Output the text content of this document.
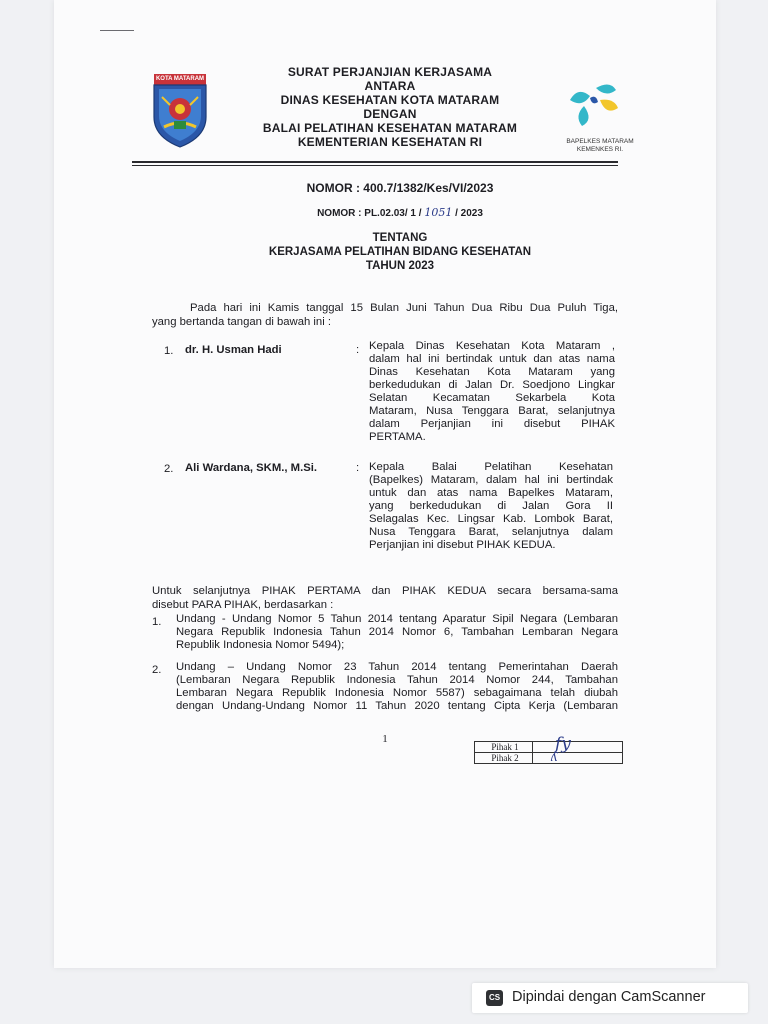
KOTA MATARAM	SURAT PERJANJIAN KERJASAMA
ANTARA
DINAS KESEHATAN KOTA MATARAM
DENGAN
BALAI PELATIHAN KESEHATAN MATARAM
KEMENTERIAN KESEHATAN RI	BAPELKES MATARAM
KEMENKES RI.
NOMOR : 400.7/1382/Kes/VI/2023
NOMOR : PL.02.03/ 1 / 1051 / 2023
TENTANG
KERJASAMA PELATIHAN BIDANG KESEHATAN
TAHUN 2023
Pada hari ini Kamis tanggal 15 Bulan Juni Tahun Dua Ribu Dua Puluh Tiga,
yang bertanda tangan di bawah ini :
1. dr. H. Usman Hadi	: Kepala Dinas Kesehatan Kota Mataram ,
dalam hal ini bertindak untuk dan atas nama
Dinas Kesehatan Kota Mataram yang
berkedudukan di Jalan Dr. Soedjono Lingkar
Selatan Kecamatan Sekarbela Kota
Mataram, Nusa Tenggara Barat, selanjutnya
dalam Perjanjian ini disebut PIHAK
PERTAMA.
2. Ali Wardana, SKM., M.Si.	: Kepala Balai Pelatihan Kesehatan
(Bapelkes) Mataram, dalam hal ini bertindak
untuk dan atas nama Bapelkes Mataram,
yang berkedudukan di Jalan Gora II
Selagalas Kec. Lingsar Kab. Lombok Barat,
Nusa Tenggara Barat, selanjutnya dalam
Perjanjian ini disebut PIHAK KEDUA.
Untuk selanjutnya PIHAK PERTAMA dan PIHAK KEDUA secara bersama-sama
disebut PARA PIHAK, berdasarkan :
1. Undang - Undang Nomor 5 Tahun 2014 tentang Aparatur Sipil Negara (Lembaran
Negara Republik Indonesia Tahun 2014 Nomor 6, Tambahan Lembaran Negara
Republik Indonesia Nomor 5494);
2. Undang – Undang Nomor 23 Tahun 2014 tentang Pemerintahan Daerah
(Lembaran Negara Republik Indonesia Tahun 2014 Nomor 244, Tambahan
Lembaran Negara Republik Indonesia Nomor 5587) sebagaimana telah diubah
dengan Undang-Undang Nomor 11 Tahun 2020 tentang Cipta Kerja (Lembaran
1
Pihak 1	fy

Pihak 2	ʎ
CS Dipindai dengan CamScanner
